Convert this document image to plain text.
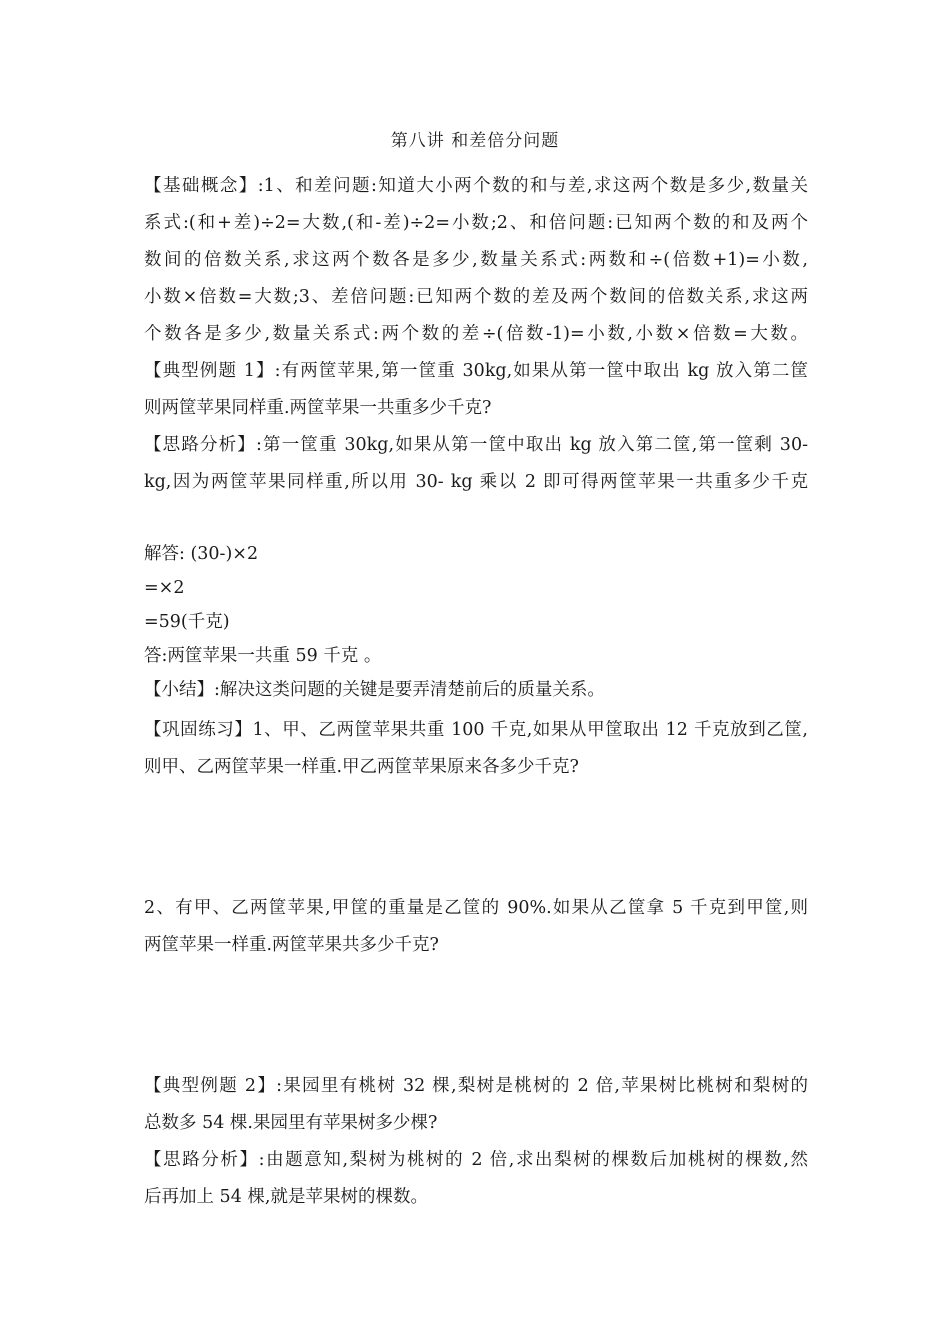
第八讲 和差倍分问题
【基础概念】:1、和差问题:知道大小两个数的和与差,求这两个数是多少,数量关
系式:(和+差)÷2=大数,(和-差)÷2=小数;2、和倍问题:已知两个数的和及两个
数间的倍数关系,求这两个数各是多少,数量关系式:两数和÷(倍数+1)=小数,
小数×倍数=大数;3、差倍问题:已知两个数的差及两个数间的倍数关系,求这两
个数各是多少,数量关系式:两个数的差÷(倍数-1)=小数,小数×倍数=大数。
【典型例题 1】:有两筐苹果,第一筐重 30kg,如果从第一筐中取出 kg 放入第二筐
则两筐苹果同样重.两筐苹果一共重多少千克?
【思路分析】:第一筐重 30kg,如果从第一筐中取出 kg 放入第二筐,第一筐剩 30-
kg,因为两筐苹果同样重,所以用 30- kg 乘以 2 即可得两筐苹果一共重多少千克
解答: (30-)×2
=×2
=59(千克)
答:两筐苹果一共重 59 千克 。
【小结】:解决这类问题的关键是要弄清楚前后的质量关系。
【巩固练习】1、甲、乙两筐苹果共重 100 千克,如果从甲筐取出 12 千克放到乙筐,
则甲、乙两筐苹果一样重.甲乙两筐苹果原来各多少千克?
2、有甲、乙两筐苹果,甲筐的重量是乙筐的 90%.如果从乙筐拿 5 千克到甲筐,则
两筐苹果一样重.两筐苹果共多少千克?
【典型例题 2】:果园里有桃树 32 棵,梨树是桃树的 2 倍,苹果树比桃树和梨树的
总数多 54 棵.果园里有苹果树多少棵?
【思路分析】:由题意知,梨树为桃树的 2 倍,求出梨树的棵数后加桃树的棵数,然
后再加上 54 棵,就是苹果树的棵数。
